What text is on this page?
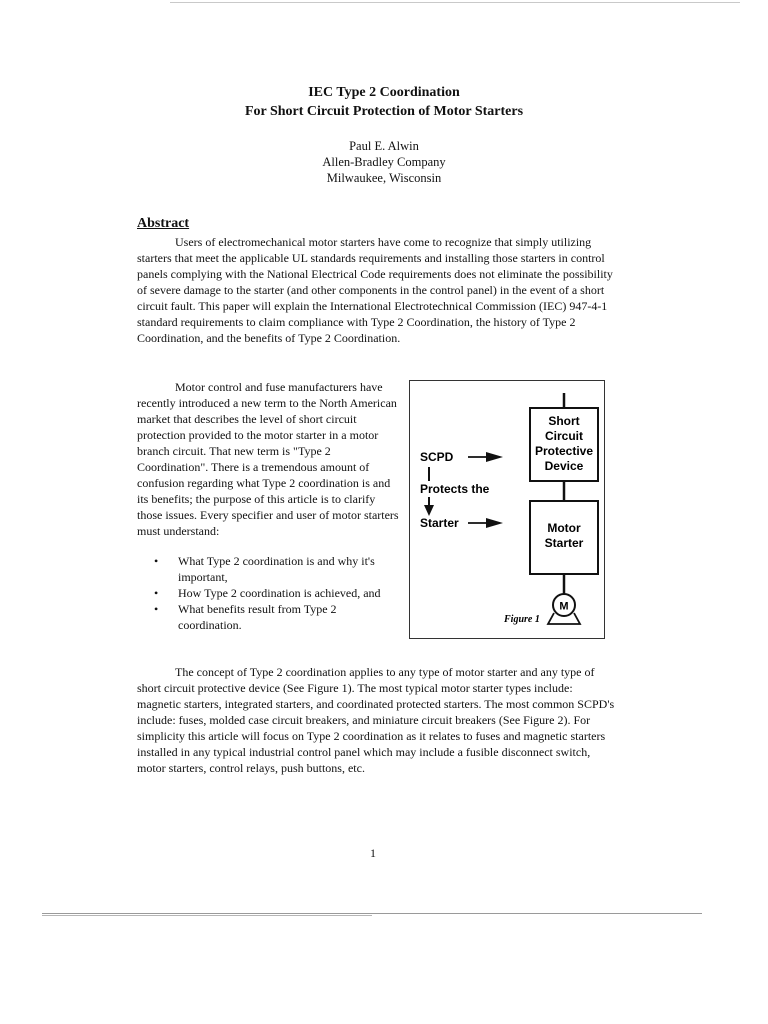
IEC Type 2 Coordination
For Short Circuit Protection of Motor Starters
Paul E. Alwin
Allen-Bradley Company
Milwaukee, Wisconsin
Abstract

Users of electromechanical motor starters have come to recognize that simply utilizing starters that meet the applicable UL standards requirements and installing those starters in control panels complying with the National Electrical Code requirements does not eliminate the possibility of severe damage to the starter (and other components in the control panel) in the event of a short circuit fault. This paper will explain the International Electrotechnical Commission (IEC) 947-4-1 standard requirements to claim compliance with Type 2 Coordination, the history of Type 2 Coordination, and the benefits of Type 2 Coordination.

Motor control and fuse manufacturers have recently introduced a new term to the North American market that describes the level of short circuit protection provided to the motor starter in a motor branch circuit. That new term is "Type 2 Coordination". There is a tremendous amount of confusion regarding what Type 2 coordination is and its benefits; the purpose of this article is to clarify those issues. Every specifier and user of motor starters must understand:

• What Type 2 coordination is and why it's important,
• How Type 2 coordination is achieved, and
• What benefits result from Type 2 coordination.
Short
Circuit
Protective
Device
Motor
Starter
M
SCPD
Protects the
Starter
Figure 1

The concept of Type 2 coordination applies to any type of motor starter and any type of short circuit protective device (See Figure 1). The most typical motor starter types include: magnetic starters, integrated starters, and coordinated protected starters. The most common SCPD's include: fuses, molded case circuit breakers, and miniature circuit breakers (See Figure 2). For simplicity this article will focus on Type 2 coordination as it relates to fuses and magnetic starters installed in any typical industrial control panel which may include a fusible disconnect switch, motor starters, control relays, push buttons, etc.

1
